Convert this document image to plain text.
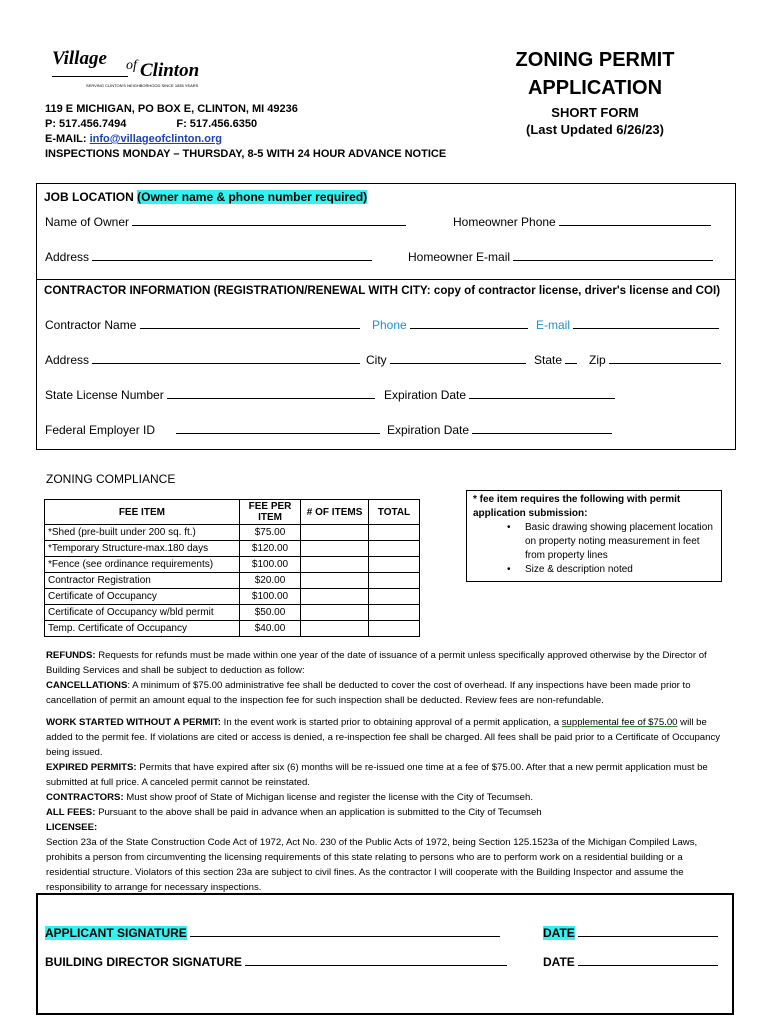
Village of Clinton
SERVING CLINTON'S NEIGHBORHOOD SINCE 1835 YEARS
ZONING PERMIT
APPLICATION
SHORT FORM
(Last Updated 6/26/23)
119 E MICHIGAN, PO BOX E, CLINTON, MI 49236
P: 517.456.7494	F: 517.456.6350
E-MAIL: info@villageofclinton.org
INSPECTIONS MONDAY – THURSDAY, 8-5 WITH 24 HOUR ADVANCE NOTICE
JOB LOCATION (Owner name & phone number required)
Name of Owner	Homeowner Phone
Address	Homeowner E-mail
CONTRACTOR INFORMATION (REGISTRATION/RENEWAL WITH CITY: copy of contractor license, driver's license and COI)
Contractor Name	Phone	E-mail
Address	City	State	Zip
State License Number	Expiration Date
Federal Employer ID	Expiration Date
ZONING COMPLIANCE
FEE ITEM	FEE PER ITEM	# OF ITEMS	TOTAL
*Shed (pre-built under 200 sq. ft.)	$75.00		
*Temporary Structure-max.180 days	$120.00		
*Fence (see ordinance requirements)	$100.00		
Contractor Registration	$20.00		
Certificate of Occupancy	$100.00		
Certificate of Occupancy w/bld permit	$50.00		
Temp. Certificate of Occupancy	$40.00		
* fee item requires the following with permit application submission:
•	Basic drawing showing placement location on property noting measurement in feet from property lines
•	Size & description noted
REFUNDS: Requests for refunds must be made within one year of the date of issuance of a permit unless specifically approved otherwise by the Director of Building Services and shall be subject to deduction as follow:
CANCELLATIONS: A minimum of $75.00 administrative fee shall be deducted to cover the cost of overhead. If any inspections have been made prior to cancellation of permit an amount equal to the inspection fee for such inspection shall be deducted. Review fees are non-refundable.
WORK STARTED WITHOUT A PERMIT: In the event work is started prior to obtaining approval of a permit application, a supplemental fee of $75.00 will be added to the permit fee. If violations are cited or access is denied, a re-inspection fee shall be charged. All fees shall be paid prior to a Certificate of Occupancy being issued.
EXPIRED PERMITS: Permits that have expired after six (6) months will be re-issued one time at a fee of $75.00. After that a new permit application must be submitted at full price. A canceled permit cannot be reinstated.
CONTRACTORS: Must show proof of State of Michigan license and register the license with the City of Tecumseh.
ALL FEES: Pursuant to the above shall be paid in advance when an application is submitted to the City of Tecumseh
LICENSEE:
Section 23a of the State Construction Code Act of 1972, Act No. 230 of the Public Acts of 1972, being Section 125.1523a of the Michigan Compiled Laws, prohibits a person from circumventing the licensing requirements of this state relating to persons who are to perform work on a residential building or a residential structure. Violators of this section 23a are subject to civil fines. As the contractor I will cooperate with the Building Inspector and assume the responsibility to arrange for necessary inspections.
APPLICANT SIGNATURE	DATE
BUILDING DIRECTOR SIGNATURE	DATE
